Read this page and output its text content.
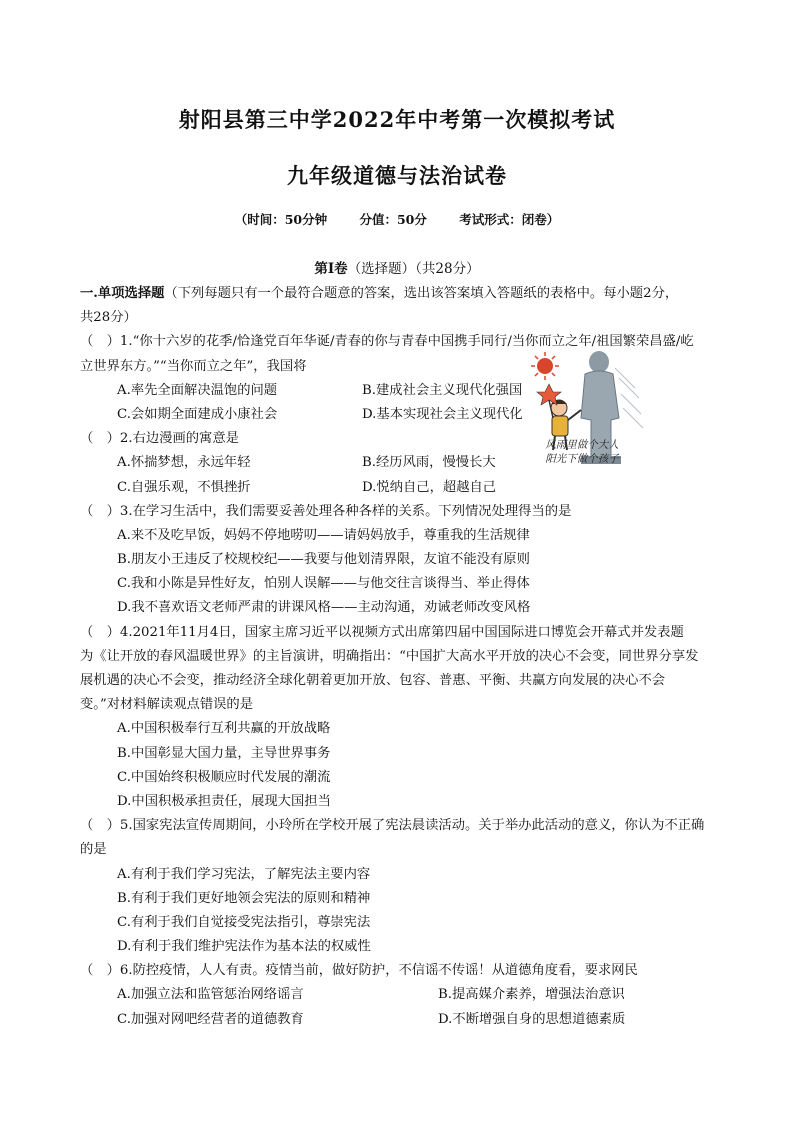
射阳县第三中学2022年中考第一次模拟考试
九年级道德与法治试卷
（时间：50分钟	分值：50分	考试形式：闭卷）
第Ⅰ卷（选择题）（共28分）
风雨里做个大人
阳光下做个孩子
一.单项选择题（下列每题只有一个最符合题意的答案，选出该答案填入答题纸的表格中。每小题2分，
共28分）
（　）1.“你十六岁的花季/恰逢党百年华诞/青春的你与青春中国携手同行/当你而立之年/祖国繁荣昌盛/屹
立世界东方。”“当你而立之年”，我国将
A.率先全面解决温饱的问题	B.建成社会主义现代化强国
C.会如期全面建成小康社会	D.基本实现社会主义现代化
（　）2.右边漫画的寓意是
A.怀揣梦想，永远年轻	B.经历风雨，慢慢长大
C.自强乐观，不惧挫折	D.悦纳自己，超越自己
（　）3.在学习生活中，我们需要妥善处理各种各样的关系。下列情况处理得当的是
A.来不及吃早饭，妈妈不停地唠叨——请妈妈放手，尊重我的生活规律
B.朋友小王违反了校规校纪——我要与他划清界限，友谊不能没有原则
C.我和小陈是异性好友，怕别人误解——与他交往言谈得当、举止得体
D.我不喜欢语文老师严肃的讲课风格——主动沟通，劝诫老师改变风格
（　）4.2021年11月4日，国家主席习近平以视频方式出席第四届中国国际进口博览会开幕式并发表题
为《让开放的春风温暖世界》的主旨演讲，明确指出：“中国扩大高水平开放的决心不会变，同世界分享发
展机遇的决心不会变，推动经济全球化朝着更加开放、包容、普惠、平衡、共赢方向发展的决心不会
变。”对材料解读观点错误的是
A.中国积极奉行互利共赢的开放战略
B.中国彰显大国力量，主导世界事务
C.中国始终积极顺应时代发展的潮流
D.中国积极承担责任，展现大国担当
（　）5.国家宪法宣传周期间，小玲所在学校开展了宪法晨读活动。关于举办此活动的意义，你认为不正确
的是
A.有利于我们学习宪法，了解宪法主要内容
B.有利于我们更好地领会宪法的原则和精神
C.有利于我们自觉接受宪法指引，尊崇宪法
D.有利于我们维护宪法作为基本法的权威性
（　）6.防控疫情，人人有责。疫情当前，做好防护，不信谣不传谣！从道德角度看，要求网民
A.加强立法和监管惩治网络谣言	B.提高媒介素养，增强法治意识
C.加强对网吧经营者的道德教育	D.不断增强自身的思想道德素质
